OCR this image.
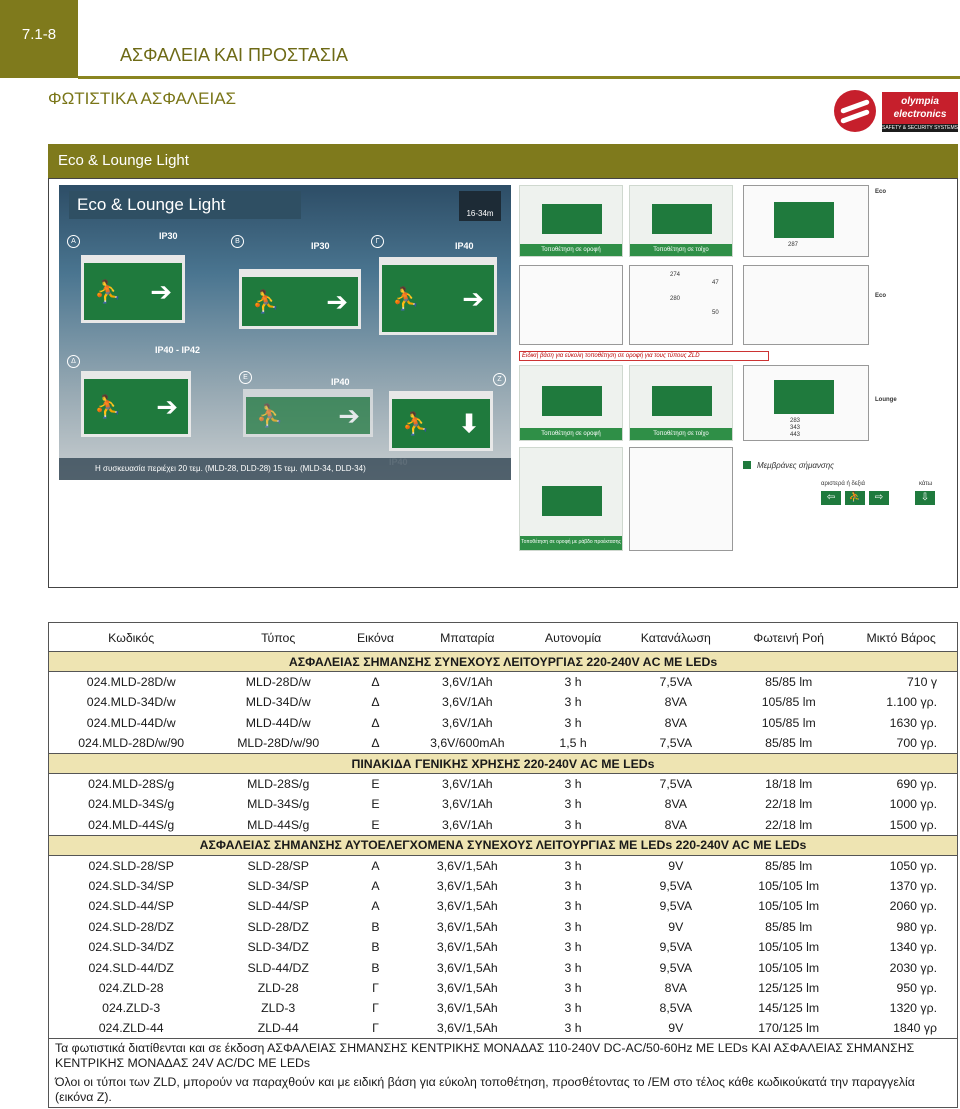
7.1-8
ΑΣΦΑΛΕΙΑ ΚΑΙ ΠΡΟΣΤΑΣΙΑ
ΦΩΤΙΣΤΙΚΑ ΑΣΦΑΛΕΙΑΣ	olympia
electronics
SAFETY & SECURITY SYSTEMS
Eco & Lounge Light
Eco & Lounge Light	16-34m
A	B	Γ
Δ
E	Z
IP30
IP30	IP40
IP40 - IP42
IP40
⛹ ➔	⛹ ➔ ⛹ ➔
⛹ ➔	⛹ ➔ ⛹ ⬇
Η συσκευασία περιέχει 20 τεμ. (MLD-28, DLD-28) 15 τεμ. (MLD-34, DLD-34)
Τοποθέτηση σε οροφή	Τοποθέτηση σε τοίχο
287
Eco
274
280
47
50
Eco
Ειδική βάση για εύκολη τοποθέτηση σε οροφή για τους τύπους ZLD
Τοποθέτηση σε οροφή	Τοποθέτηση σε τοίχο
283
343
443
Lounge
Τοποθέτηση σε οροφή με ράβδο προέκτασης 0.25 - 1m
Μεμβράνες σήμανσης
αριστερά ή δεξιά	κάτω
⇦	⛹	⇨	⇩
Κωδικός	Τύπος	Εικόνα	Μπαταρία	Αυτονομία	Κατανάλωση	Φωτεινή Ροή	Μικτό Βάρος
ΑΣΦΑΛΕΙΑΣ ΣΗΜΑΝΣΗΣ ΣΥΝΕΧΟΥΣ ΛΕΙΤΟΥΡΓΙΑΣ 220-240V AC ΜΕ LEDs							
024.MLD-28D/w	MLD-28D/w	Δ	3,6V/1Ah	3 h	7,5VA	85/85 lm	710 γ
024.MLD-34D/w	MLD-34D/w	Δ	3,6V/1Ah	3 h	8VA	105/85 lm	1.100 γρ.
024.MLD-44D/w	MLD-44D/w	Δ	3,6V/1Ah	3 h	8VA	105/85 lm	1630 γρ.
024.MLD-28D/w/90	MLD-28D/w/90	Δ	3,6V/600mAh	1,5 h	7,5VA	85/85 lm	700 γρ.
ΠΙΝΑΚΙΔΑ ΓΕΝΙΚΗΣ ΧΡΗΣΗΣ 220-240V AC ΜΕ LEDs							
024.MLD-28S/g	MLD-28S/g	E	3,6V/1Ah	3 h	7,5VA	18/18 lm	690 γρ.
024.MLD-34S/g	MLD-34S/g	E	3,6V/1Ah	3 h	8VA	22/18 lm	1000 γρ.
024.MLD-44S/g	MLD-44S/g	E	3,6V/1Ah	3 h	8VA	22/18 lm	1500 γρ.
ΑΣΦΑΛΕΙΑΣ ΣΗΜΑΝΣΗΣ ΑΥΤΟΕΛΕΓΧΟΜΕΝΑ ΣΥΝΕΧΟΥΣ ΛΕΙΤΟΥΡΓΙΑΣ ΜΕ LEDs 220-240V AC ΜΕ LEDs							
024.SLD-28/SP	SLD-28/SP	A	3,6V/1,5Ah	3 h	9V	85/85 lm	1050 γρ.
024.SLD-34/SP	SLD-34/SP	A	3,6V/1,5Ah	3 h	9,5VA	105/105 lm	1370 γρ.
024.SLD-44/SP	SLD-44/SP	A	3,6V/1,5Ah	3 h	9,5VA	105/105 lm	2060 γρ.
024.SLD-28/DZ	SLD-28/DZ	B	3,6V/1,5Ah	3 h	9V	85/85 lm	980 γρ.
024.SLD-34/DZ	SLD-34/DZ	B	3,6V/1,5Ah	3 h	9,5VA	105/105 lm	1340 γρ.
024.SLD-44/DZ	SLD-44/DZ	B	3,6V/1,5Ah	3 h	9,5VA	105/105 lm	2030 γρ.
024.ZLD-28	ZLD-28	Γ	3,6V/1,5Ah	3 h	8VA	125/125 lm	950 γρ.
024.ZLD-3	ZLD-3	Γ	3,6V/1,5Ah	3 h	8,5VA	145/125 lm	1320 γρ.
024.ZLD-44	ZLD-44	Γ	3,6V/1,5Ah	3 h	9V	170/125 lm	1840 γρ
Τα φωτιστικά διατίθενται και σε έκδοση ΑΣΦΑΛΕΙΑΣ ΣΗΜΑΝΣΗΣ ΚΕΝΤΡΙΚΗΣ ΜΟΝΑΔΑΣ 110-240V DC-AC/50-60Hz ΜΕ LEDs ΚΑΙ ΑΣΦΑΛΕΙΑΣ ΣΗΜΑΝΣΗΣ ΚΕΝΤΡΙΚΗΣ ΜΟΝΑΔΑΣ 24V AC/DC ΜΕ LEDs							
Όλοι οι τύποι των ZLD, μπορούν να παραχθούν και με ειδική βάση για εύκολη τοποθέτηση, προσθέτοντας το /EM στο τέλος κάθε κωδικούκατά την παραγγελία (εικόνα Z).							
